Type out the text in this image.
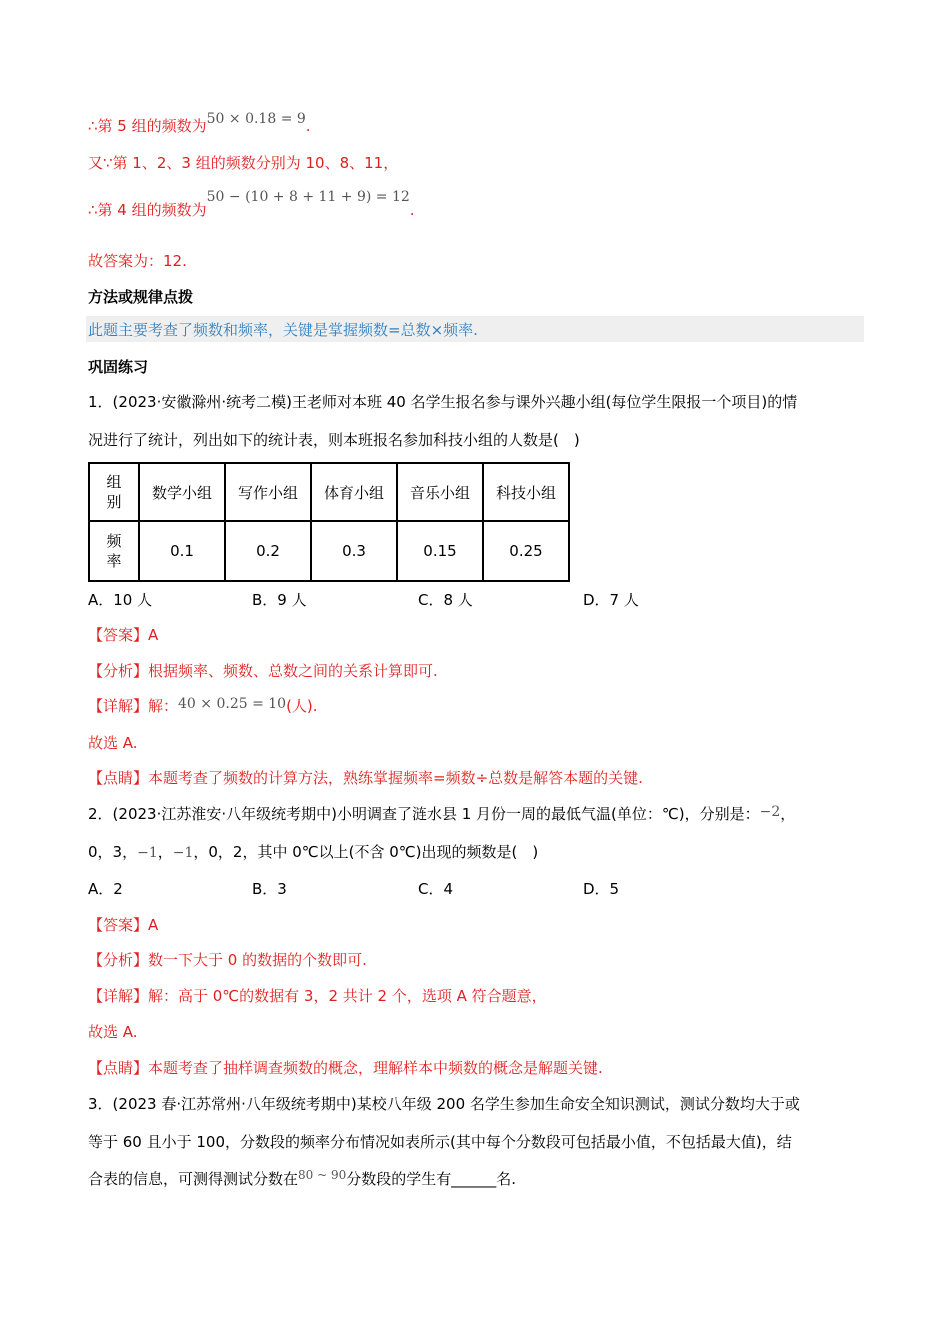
∴第 5 组的频数为50 × 0.18 = 9.
又∵第 1、2、3 组的频数分别为 10、8、11，
∴第 4 组的频数为50 − (10 + 8 + 11 + 9) = 12.
故答案为：12.
方法或规律点拨
此题主要考查了频数和频率，关键是掌握频数=总数×频率.
巩固练习
1．(2023·安徽滁州·统考二模)王老师对本班 40 名学生报名参与课外兴趣小组(每位学生限报一个项目)的情
况进行了统计，列出如下的统计表，则本班报名参加科技小组的人数是(　)
组
别	数学小组	写作小组	体育小组	音乐小组	科技小组

频
率	0.1	0.2	0.3	0.15	0.25
A．10 人	B．9 人	C．8 人	D．7 人
【答案】A
【分析】根据频率、频数、总数之间的关系计算即可.
【详解】解：40 × 0.25 = 10(人).
故选 A.
【点睛】本题考查了频数的计算方法，熟练掌握频率=频数÷总数是解答本题的关键.
2．(2023·江苏淮安·八年级统考期中)小明调查了涟水县 1 月份一周的最低气温(单位：℃)，分别是：−2，
0，3，−1，−1，0，2，其中 0℃以上(不含 0℃)出现的频数是(　)
A．2	B．3	C．4	D．5
【答案】A
【分析】数一下大于 0 的数据的个数即可.
【详解】解：高于 0℃的数据有 3，2 共计 2 个，选项 A 符合题意，
故选 A.
【点睛】本题考查了抽样调查频数的概念，理解样本中频数的概念是解题关键.
3．(2023 春·江苏常州·八年级统考期中)某校八年级 200 名学生参加生命安全知识测试，测试分数均大于或
等于 60 且小于 100，分数段的频率分布情况如表所示(其中每个分数段可包括最小值，不包括最大值)，结
合表的信息，可测得测试分数在$^{80 \sim 90}$分数段的学生有______名.
